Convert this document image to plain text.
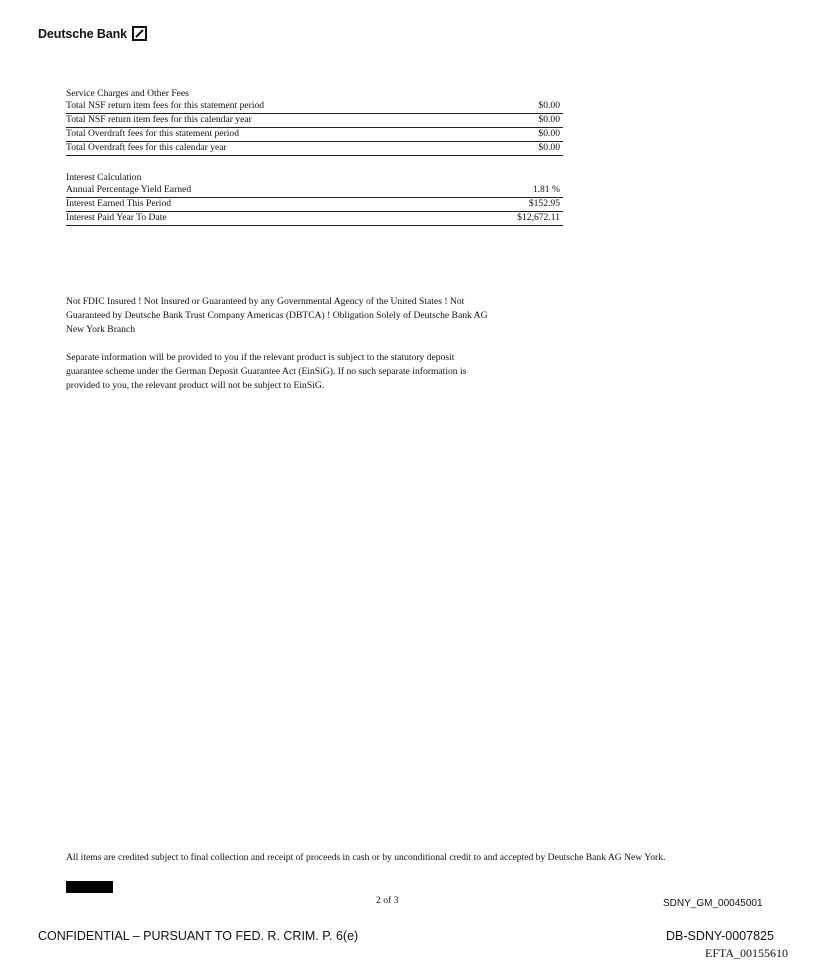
Deutsche Bank
Service Charges and Other Fees
Total NSF return item fees for this statement period	$0.00
Total NSF return item fees for this calendar year	$0.00
Total Overdraft fees for this statement period	$0.00
Total Overdraft fees for this calendar year	$0.00
Interest Calculation
Annual Percentage Yield Earned	1.81 %
Interest Earned This Period	$152.95
Interest Paid Year To Date	$12,672.11
Not FDIC Insured ! Not Insured or Guaranteed by any Governmental Agency of the United States ! Not
Guaranteed by Deutsche Bank Trust Company Americas (DBTCA) ! Obligation Solely of Deutsche Bank AG
New York Branch
Separate information will be provided to you if the relevant product is subject to the statutory deposit
guarantee scheme under the German Deposit Guarantee Act (EinSiG). If no such separate information is
provided to you, the relevant product will not be subject to EinSiG.
All items are credited subject to final collection and receipt of proceeds in cash or by unconditional credit to and accepted by Deutsche Bank AG New York.
2 of 3	SDNY_GM_00045001
CONFIDENTIAL – PURSUANT TO FED. R. CRIM. P. 6(e)	DB-SDNY-0007825
EFTA_00155610
